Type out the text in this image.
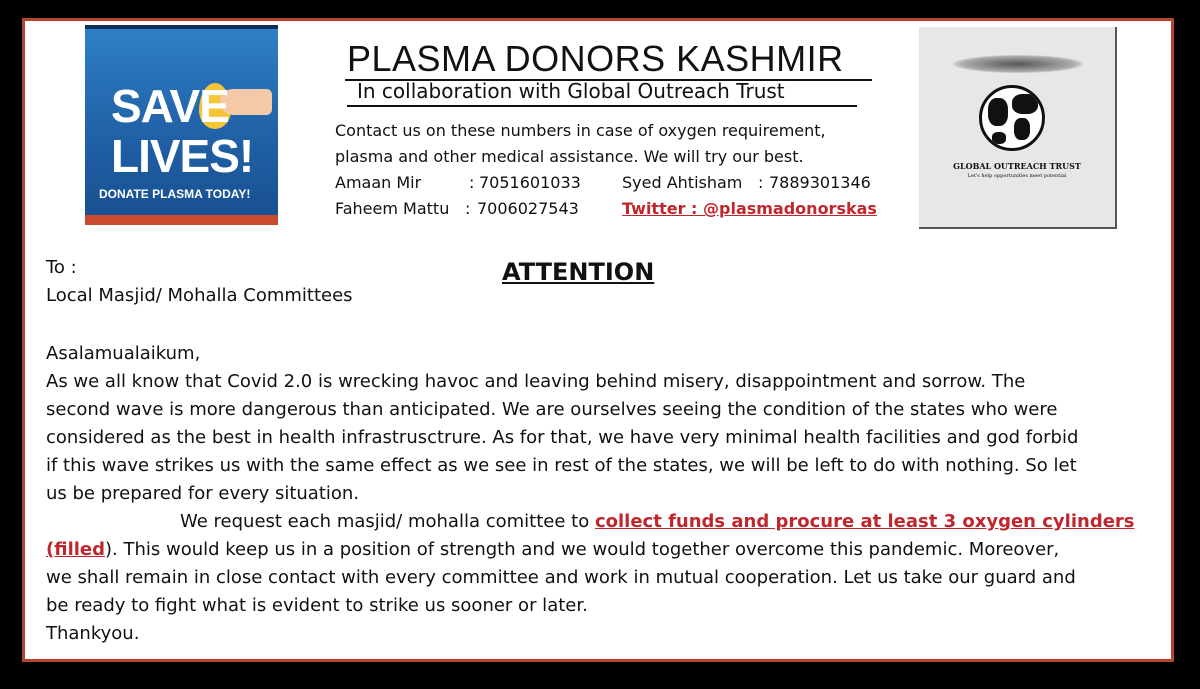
SAVE
LIVES!
DONATE PLASMA TODAY!
PLASMA DONORS KASHMIR
In collaboration with Global Outreach Trust
Contact us on these numbers in case of oxygen requirement,
plasma and other medical assistance. We will try our best.
Amaan Mir	: 7051601033	Syed Ahtisham : 7889301346
Faheem Mattu : 7006027543	Twitter : @plasmadonorskas
GLOBAL OUTREACH TRUST
Let's help opportunities meet potential
To :
Local Masjid/ Mohalla Committees
ATTENTION
Asalamualaikum,
As we all know that Covid 2.0 is wrecking havoc and leaving behind misery, disappointment and sorrow. The
second wave is more dangerous than anticipated. We are ourselves seeing the condition of the states who were
considered as the best in health infrastrusctrure. As for that, we have very minimal health facilities and god forbid
if this wave strikes us with the same effect as we see in rest of the states, we will be left to do with nothing. So let
us be prepared for every situation.
We request each masjid/ mohalla comittee to collect funds and procure at least 3 oxygen cylinders
(filled). This would keep us in a position of strength and we would together overcome this pandemic. Moreover,
we shall remain in close contact with every committee and work in mutual cooperation. Let us take our guard and
be ready to fight what is evident to strike us sooner or later.
Thankyou.
